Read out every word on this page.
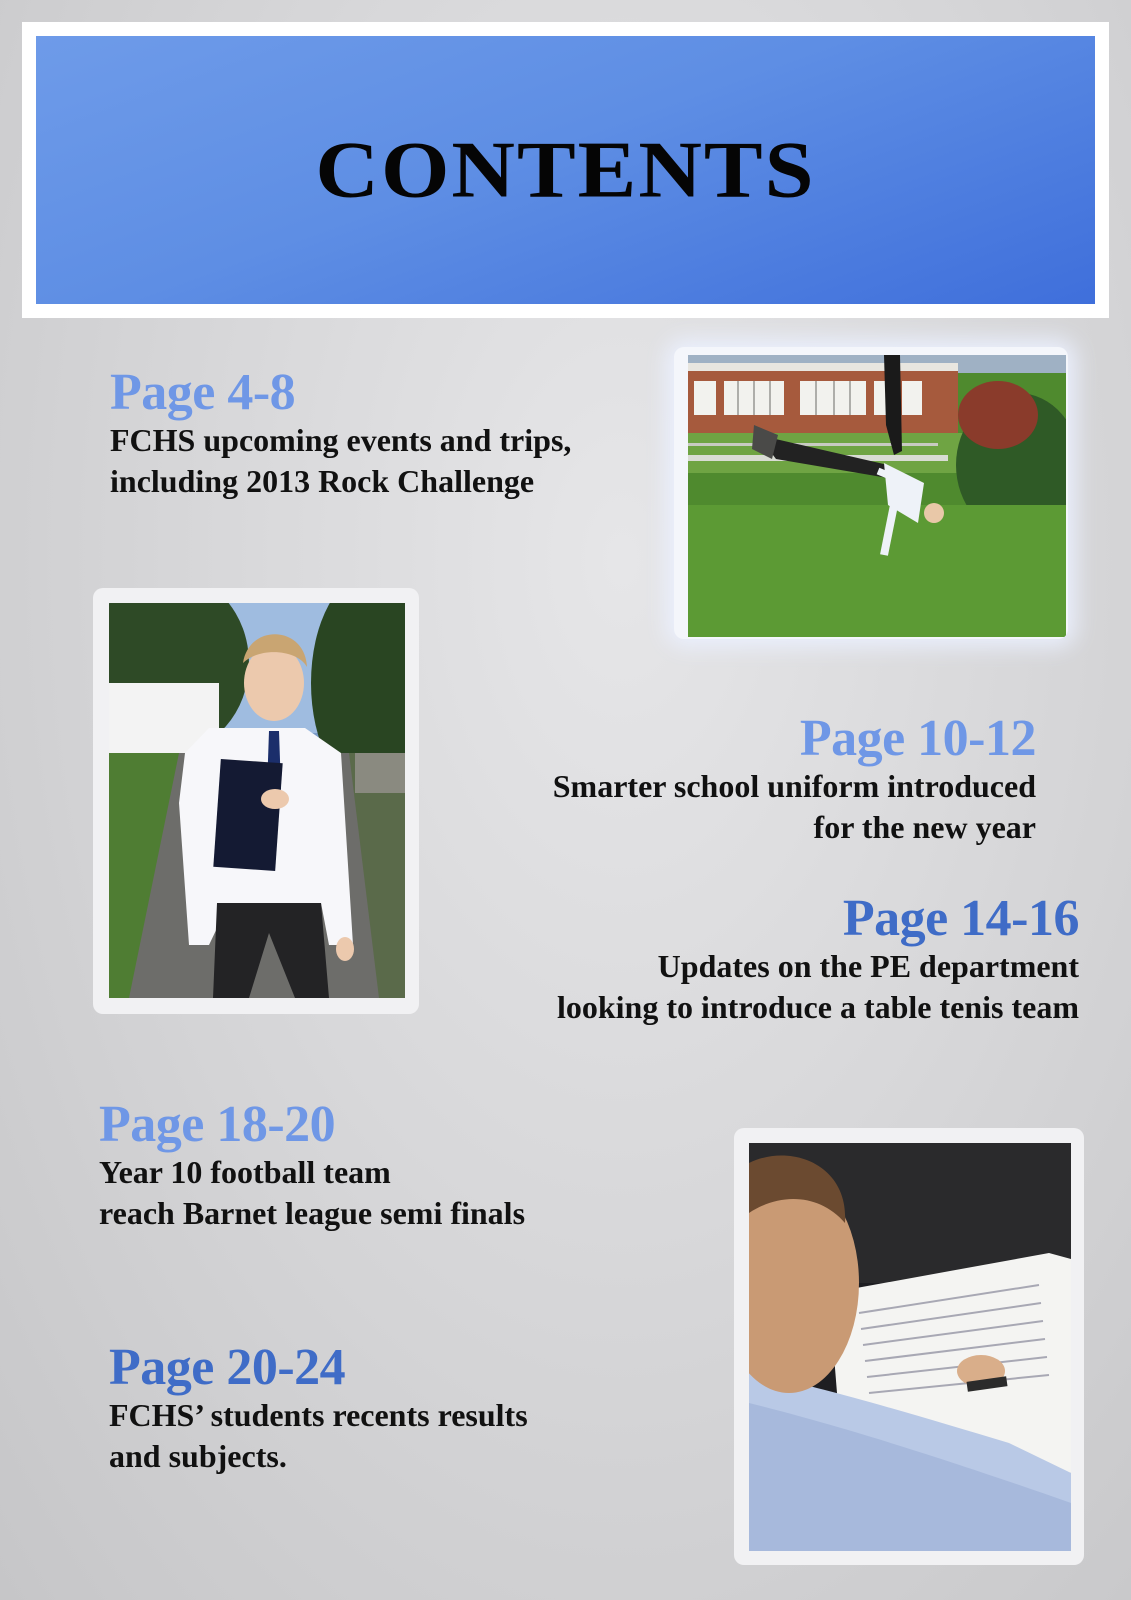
CONTENTS
Page 4-8
FCHS upcoming events and trips,
including 2013 Rock Challenge
Page 10-12
Smarter school uniform introduced
for the new year
Page 14-16
Updates on the PE department
looking to introduce a table tenis team
Page 18-20
Year 10 football team
reach Barnet league semi finals
Page 20-24
FCHS’ students recents results
and subjects.
